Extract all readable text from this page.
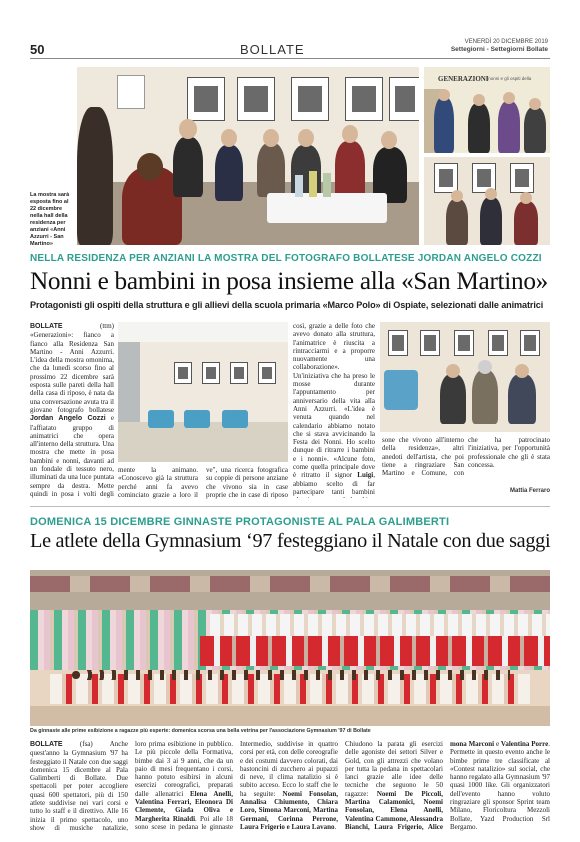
50	BOLLATE	VENERDÌ 20 DICEMBRE 2019
Settegiorni - Settegiorni Bollate
La mostra sarà esposta fino al 22 dicembre nella hall della residenza per anziani «Anni Azzurri - San Martino»
GENERAZIONI
i nonni e gli ospiti della
NELLA RESIDENZA PER ANZIANI LA MOSTRA DEL FOTOGRAFO BOLLATESE JORDAN ANGELO COZZI
Nonni e bambini in posa insieme alla «San Martino»
Protagonisti gli ospiti della struttura e gli allievi della scuola primaria «Marco Polo» di Ospiate, selezionati dalle animatrici
BOLLATE	(ttm) «Generazioni»: fianco a fianco alla Residenza San Martino - Anni Azzurri. L'idea della mostra omonima, che da lunedì scorso fino al prossimo 22 dicembre sarà esposta sulle pareti della hall della casa di riposo, è nata da una conversazione avuta tra il giovane fotografo bollatese Jordan Angelo Cozzi e l'affiatato gruppo di animatrici che opera all'interno della struttura. Una mostra che mette in posa bambini e nonni, davanti ad un fondale di tessuto nero, illuminati da una luce puntata sempre da destra. Mette quindi in posa i volti degli
mente la animano. «Conoscevo già la struttura perché anni fa avevo cominciato grazie a loro il
ve", una ricerca fotografica su coppie di persone anziane che vivono sia in case proprie che in case di riposo
così, grazie a delle foto che avevo donato alla struttura, l'animatrice è riuscita a rintracciarmi e a proporre nuovamente una collaborazione». Un'iniziativa che ha preso le mosse durante l'appuntamento per anniversario della vita alla Anni Azzurri. «L'idea è venuta quando nel calendario abbiamo notato che si stava avvicinando la Festa dei Nonni. Ho scelto dunque di ritrarre i bambini e i nonni». «Alcune foto, come quella principale dove è ritratto il signor Luigi, abbiamo scelto di far partecipare tanti bambini
sone che vivono all'interno della residenza», altri anedoti dell'artista, che poi tiene a ringraziare San Martino e Comune, con
che ha patrocinato l'iniziativa, per l'opportunità professionale che gli è stata concessa.
Mattia Ferraro
DOMENICA 15 DICEMBRE GINNASTE PROTAGONISTE AL PALA GALIMBERTI
Le atlete della Gymnasium ‘97 festeggiano il Natale con due saggi
Da ginnaste alle prime esibizione a ragazze più esperte: domenica scorsa una bella vetrina per l'associazione Gymnasium '97 di Bollate
BOLLATE (fsa) Anche quest'anno la Gymnasium '97 ha festeggiato il Natale con due saggi domenica 15 dicembre al Pala Galimberti di Bollate. Due spettacoli per poter accogliere quasi 600 spettatori, più di 150 atlete suddivise nei vari corsi e tutto lo staff e il direttivo. Alle 16 inizia il primo spettacolo, uno show di musiche natalizie,
loro prima esibizione in pubblico. Le più piccole della Formativa, bimbe dai 3 ai 9 anni, che da un paio di mesi frequentano i corsi, hanno potuto esibirsi in alcuni esercizi coreografici, preparati dalle allenatrici Elena Anelli, Valentina Ferrari, Eleonora Di Clemente, Giada Oliva e Margherita Rinaldi. Poi alle 18 sono scese in pedana le ginnaste
Intermedio, suddivise in quattro corsi per età, con delle coreografie e dei costumi davvero colorati, dai bastoncini di zucchero ai pupazzi di neve, il clima natalizio si è subito acceso. Ecco lo staff che le ha seguite: Noemi Fonsolan, Annalisa Chiumento, Chiara Loro, Simona Marconi, Martina Germani, Corinna Perrone, Laura Frigerio e Laura Lavano.
Chiudono la parata gli esercizi delle agoniste dei settori Silver e Gold, con gli attrezzi che volano per tutta la pedana in spettacolari lanci grazie alle idee delle tecniche che seguono le 50 ragazze: Noemi De Piccoli, Martina Calamonici, Noemi Fonsolan, Elena Anelli, Valentina Cammone, Alessandra Bianchi, Laura Frigerio, Alice
mona Marconi e Valentina Porre. Permette in questo evento anche le bimbe prime tre classificate al «Contest natalizio» sul social, che hanno regalato alla Gymnasium '97 quasi 1000 like. Gli organizzatori dell'evento hanno voluto ringraziare gli sponsor Sprint team Milano, Floricoltura Mezzoli Bollate, Yazd Production Srl Bergamo.
